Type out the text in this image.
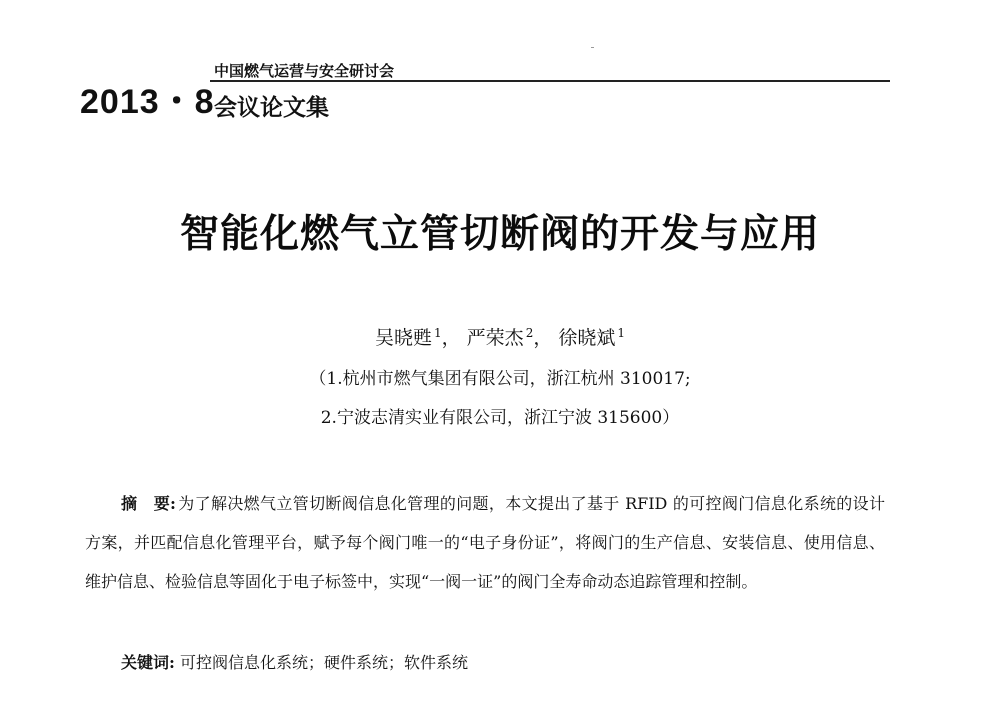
2013・8
中国燃气运营与安全研讨会
会议论文集
智能化燃气立管切断阀的开发与应用
吴晓甦 $^1$， 严荣杰 $^2$， 徐晓斌 $^1$
（1.杭州市燃气集团有限公司，浙江杭州 310017;
2.宁波志清实业有限公司，浙江宁波 315600）
摘　要: 为了解决燃气立管切断阀信息化管理的问题，本文提出了基于 RFID 的可控阀门信息化系统的设计方案，并匹配信息化管理平台，赋予每个阀门唯一的“电子身份证”，将阀门的生产信息、安装信息、使用信息、维护信息、检验信息等固化于电子标签中，实现“一阀一证”的阀门全寿命动态追踪管理和控制。
关键词: 可控阀信息化系统；硬件系统；软件系统
